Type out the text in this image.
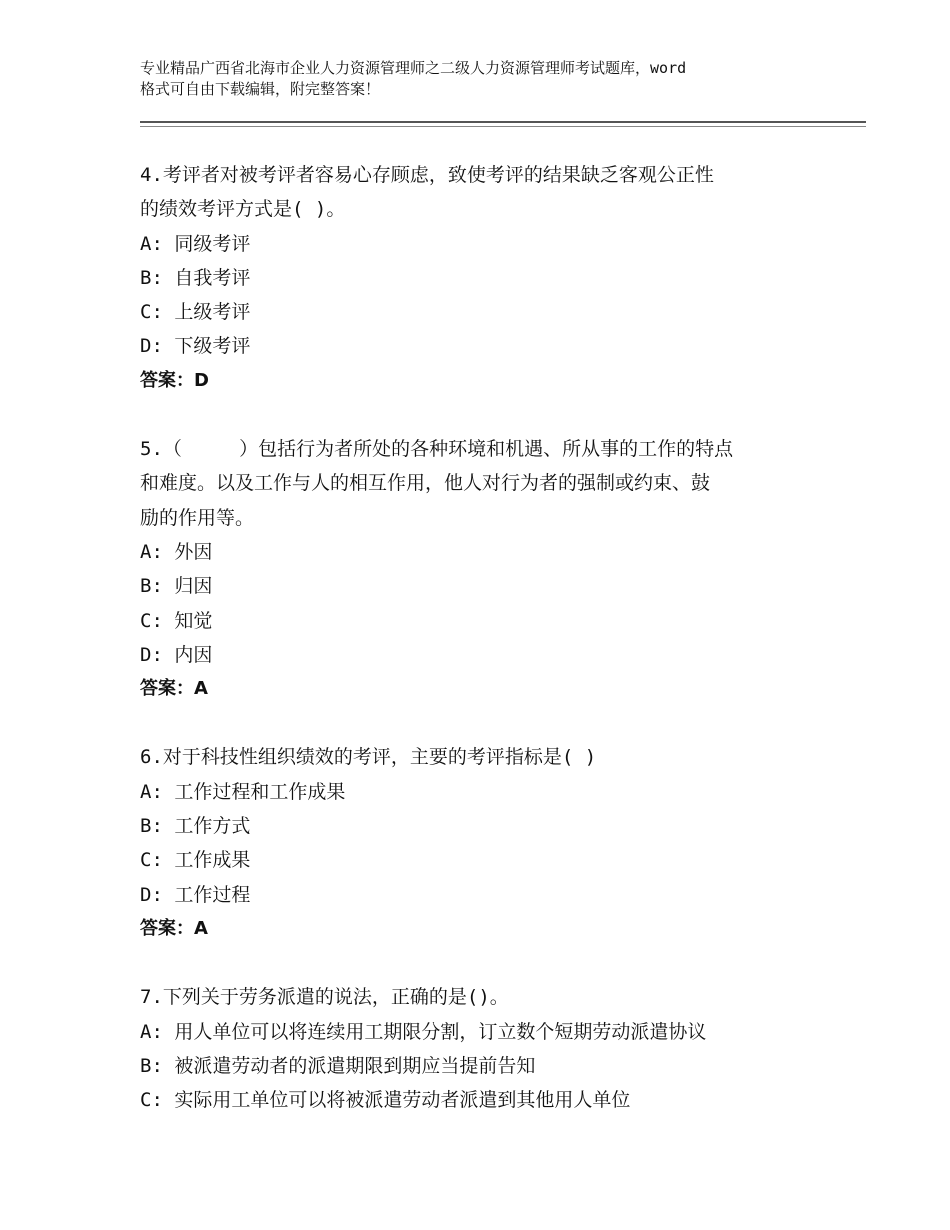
专业精品广西省北海市企业人力资源管理师之二级人力资源管理师考试题库，word
格式可自由下载编辑，附完整答案！
4.考评者对被考评者容易心存顾虑，致使考评的结果缺乏客观公正性
的绩效考评方式是( )。
A: 同级考评
B: 自我考评
C: 上级考评
D: 下级考评
答案：D
5.（     ）包括行为者所处的各种环境和机遇、所从事的工作的特点
和难度。以及工作与人的相互作用，他人对行为者的强制或约束、鼓
励的作用等。
A: 外因
B: 归因
C: 知觉
D: 内因
答案：A
6.对于科技性组织绩效的考评，主要的考评指标是( )
A: 工作过程和工作成果
B: 工作方式
C: 工作成果
D: 工作过程
答案：A
7.下列关于劳务派遣的说法，正确的是()。
A: 用人单位可以将连续用工期限分割，订立数个短期劳动派遣协议
B: 被派遣劳动者的派遣期限到期应当提前告知
C: 实际用工单位可以将被派遣劳动者派遣到其他用人单位
